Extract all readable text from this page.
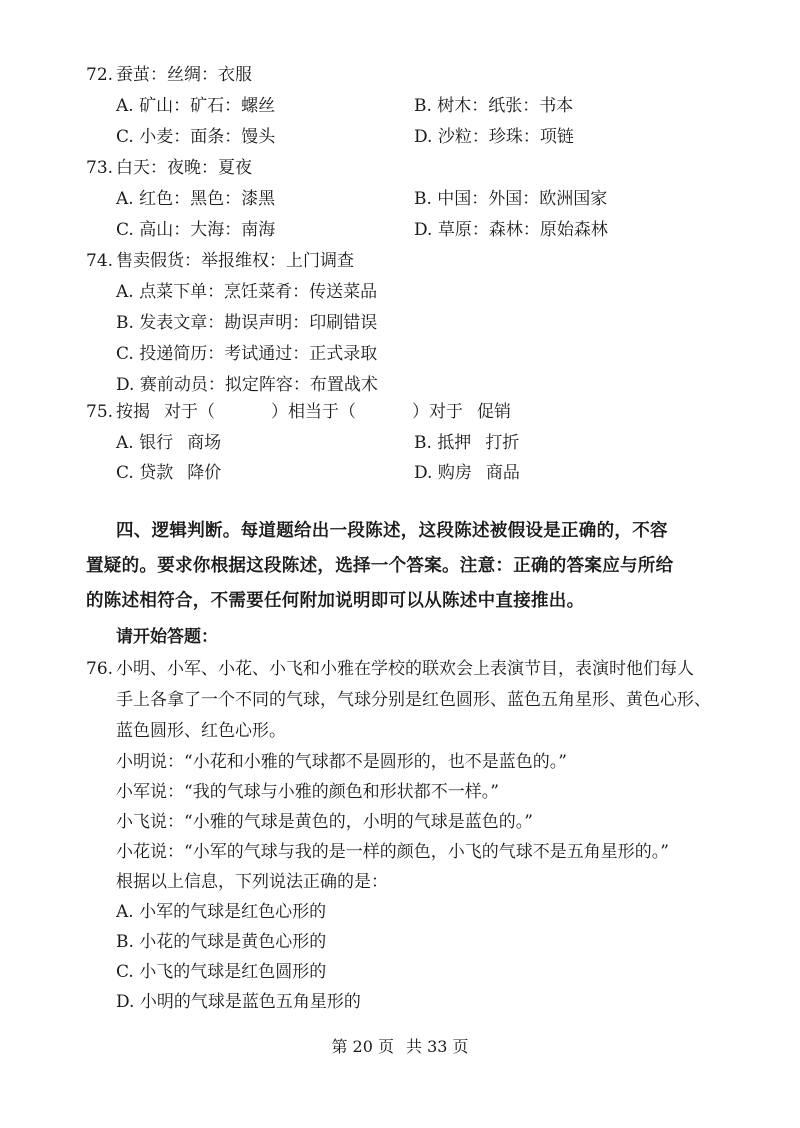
72. 蚕茧：丝绸：衣服
A. 矿山：矿石：螺丝	B. 树木：纸张：书本
C. 小麦：面条：馒头	D. 沙粒：珍珠：项链
73. 白天：夜晚：夏夜
A. 红色：黑色：漆黑	B. 中国：外国：欧洲国家
C. 高山：大海：南海	D. 草原：森林：原始森林
74. 售卖假货：举报维权：上门调查
A. 点菜下单：烹饪菜肴：传送菜品
B. 发表文章：勘误声明：印刷错误
C. 投递简历：考试通过：正式录取
D. 赛前动员：拟定阵容：布置战术
75. 按揭 对于（	）相当于（	）对于 促销
A. 银行 商场	B. 抵押 打折
C. 贷款 降价	D. 购房 商品
四、逻辑判断。每道题给出一段陈述，这段陈述被假设是正确的，不容
置疑的。要求你根据这段陈述，选择一个答案。注意：正确的答案应与所给
的陈述相符合，不需要任何附加说明即可以从陈述中直接推出。
请开始答题：
76. 小明、小军、小花、小飞和小雅在学校的联欢会上表演节目，表演时他们每人
手上各拿了一个不同的气球，气球分别是红色圆形、蓝色五角星形、黄色心形、
蓝色圆形、红色心形。
小明说：“小花和小雅的气球都不是圆形的，也不是蓝色的。”
小军说：“我的气球与小雅的颜色和形状都不一样。”
小飞说：“小雅的气球是黄色的，小明的气球是蓝色的。”
小花说：“小军的气球与我的是一样的颜色，小飞的气球不是五角星形的。”
根据以上信息，下列说法正确的是：
A. 小军的气球是红色心形的
B. 小花的气球是黄色心形的
C. 小飞的气球是红色圆形的
D. 小明的气球是蓝色五角星形的
第 20 页 共 33 页
